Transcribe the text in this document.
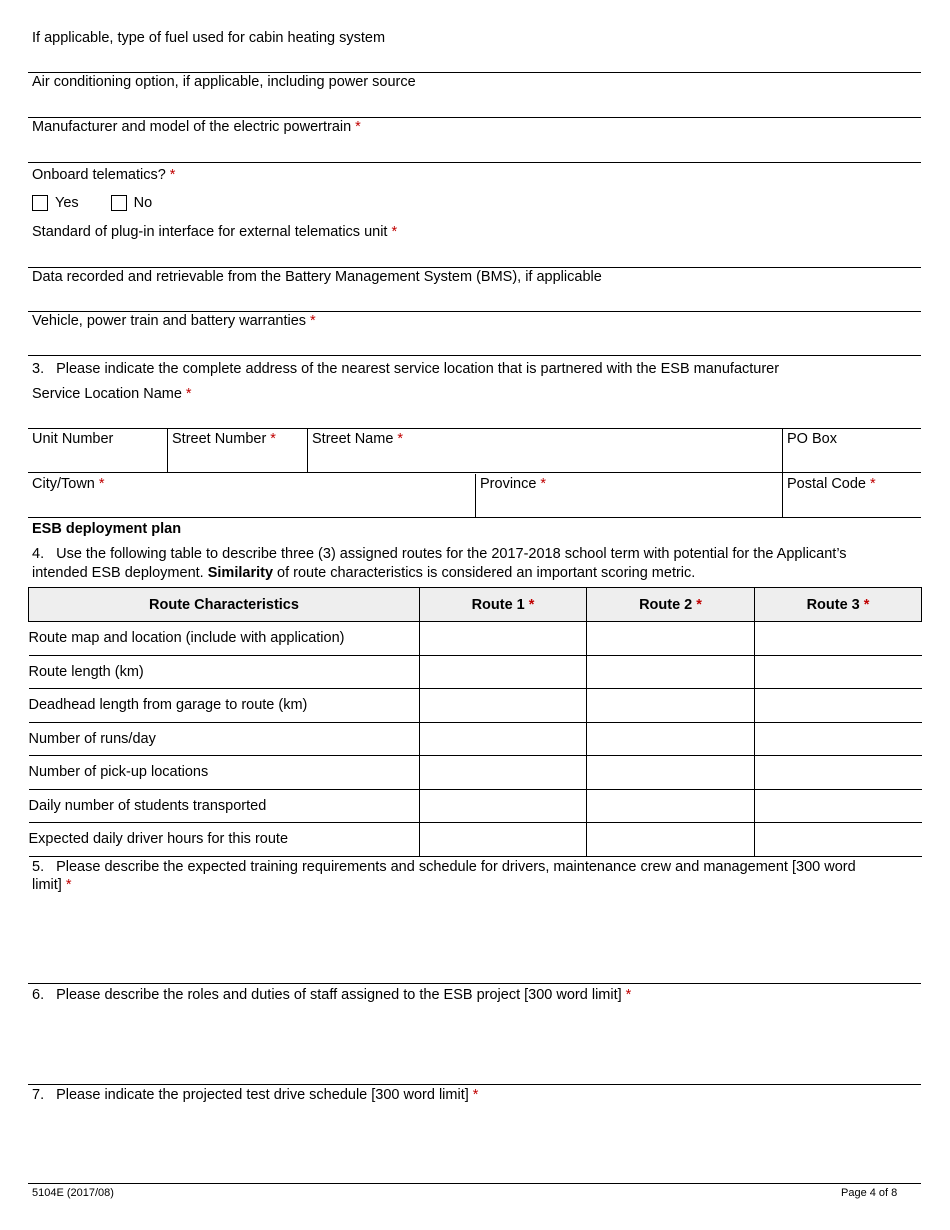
If applicable, type of fuel used for cabin heating system
Air conditioning option, if applicable, including power source
Manufacturer and model of the electric powertrain *
Onboard telematics? *
Yes	No
Standard of plug-in interface for external telematics unit *
Data recorded and retrievable from the Battery Management System (BMS), if applicable
Vehicle, power train and battery warranties *
3. Please indicate the complete address of the nearest service location that is partnered with the ESB manufacturer
Service Location Name *
Unit Number	Street Number * Street Name *	PO Box
City/Town *	Province *	Postal Code *
ESB deployment plan
4. Use the following table to describe three (3) assigned routes for the 2017-2018 school term with potential for the Applicant’s
intended ESB deployment. Similarity of route characteristics is considered an important scoring metric.
Route Characteristics	Route 1 *	Route 2 *	Route 3 *
Route map and location (include with application)			
Route length (km)			
Deadhead length from garage to route (km)			
Number of runs/day			
Number of pick-up locations			
Daily number of students transported			
Expected daily driver hours for this route			
5. Please describe the expected training requirements and schedule for drivers, maintenance crew and management [300 word
limit] *
6. Please describe the roles and duties of staff assigned to the ESB project [300 word limit] *
7. Please indicate the projected test drive schedule [300 word limit] *
5104E (2017/08)	Page 4 of 8
